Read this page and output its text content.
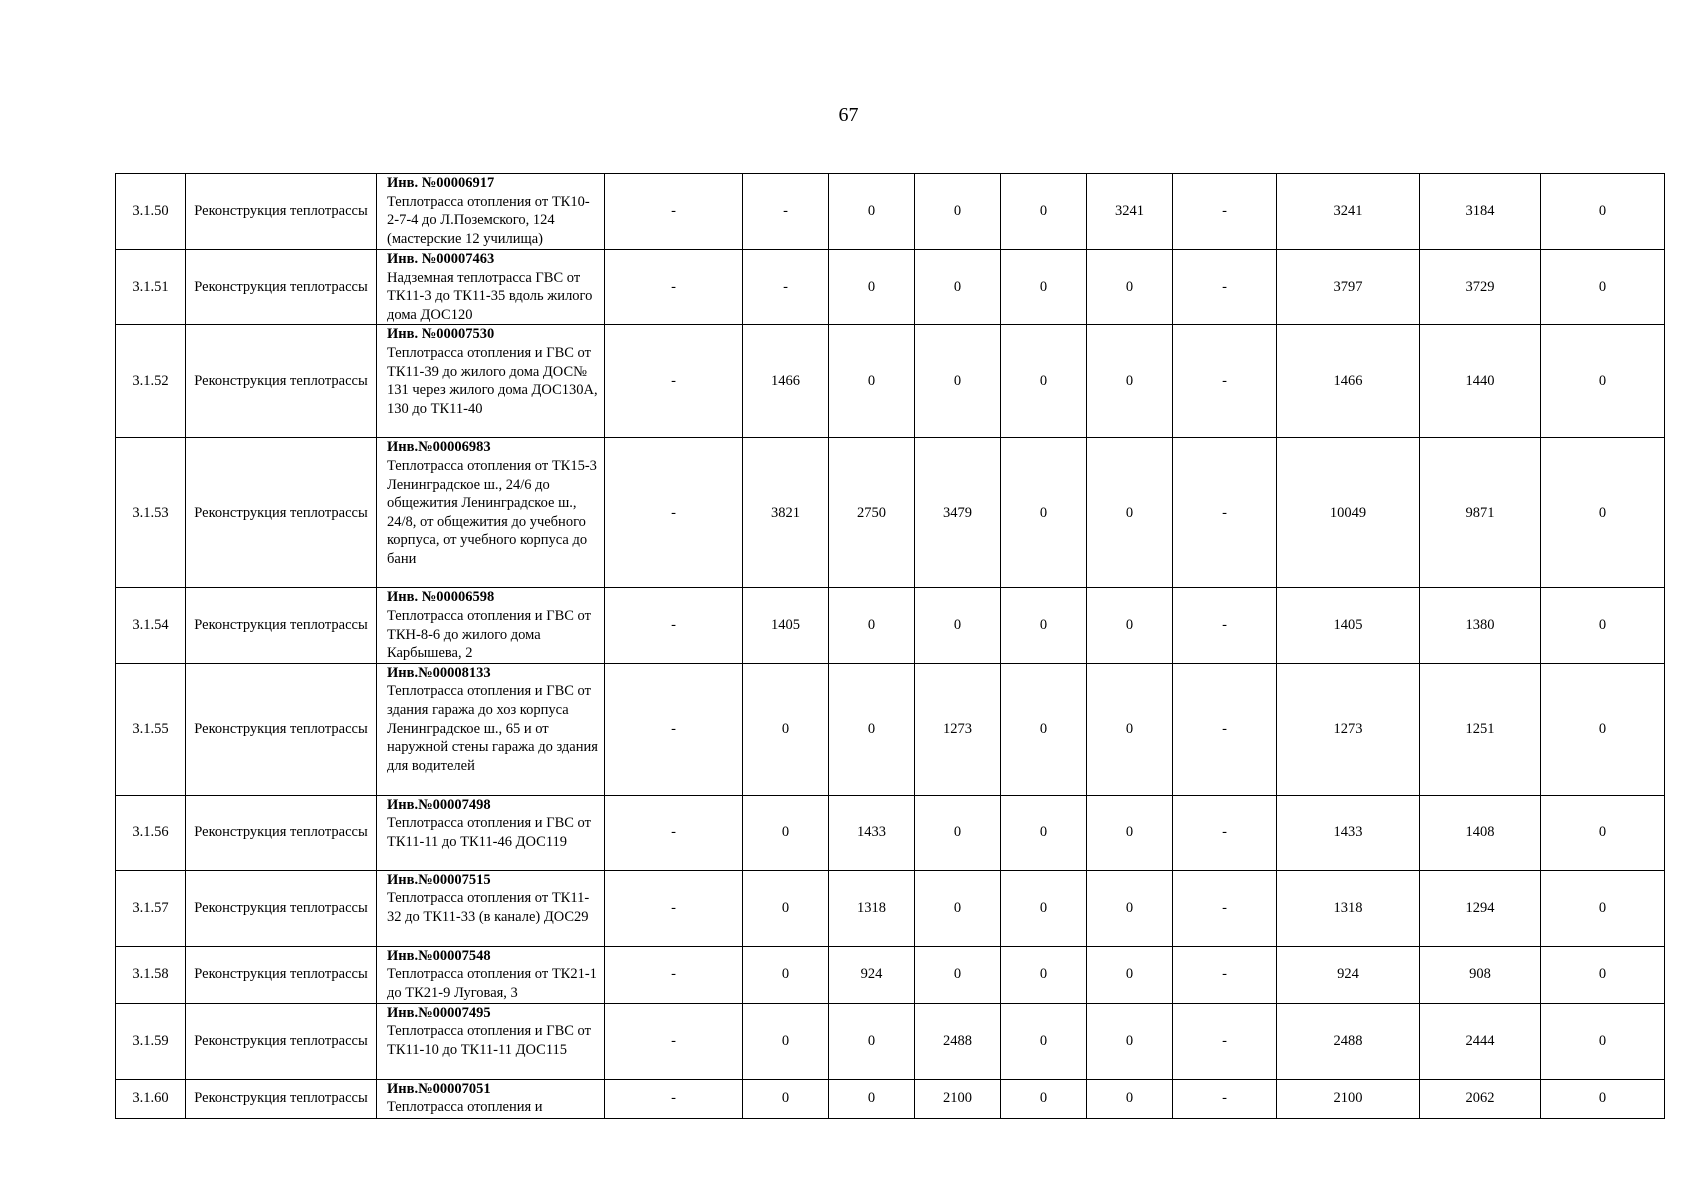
67
3.1.50	Реконструкция теплотрассы	Инв. №00006917
Теплотрасса отопления от ТК10-2-7-4 до Л.Поземского, 124 (мастерские 12 училища)	-	-	0	0	0	3241	-	3241	3184	0
3.1.51	Реконструкция теплотрассы	Инв. №00007463
Надземная теплотрасса ГВС от ТК11-3 до ТК11-35 вдоль жилого дома ДОС120	-	-	0	0	0	0	-	3797	3729	0
3.1.52	Реконструкция теплотрассы	Инв. №00007530
Теплотрасса отопления и ГВС от ТК11-39 до жилого дома ДОС№ 131 через жилого дома ДОС130А, 130 до ТК11-40	-	1466	0	0	0	0	-	1466	1440	0
3.1.53	Реконструкция теплотрассы	Инв.№00006983
Теплотрасса отопления от ТК15-3 Ленинградское ш., 24/6 до общежития Ленинградское ш., 24/8, от общежития до учебного корпуса, от учебного корпуса до бани	-	3821	2750	3479	0	0	-	10049	9871	0
3.1.54	Реконструкция теплотрассы	Инв. №00006598
Теплотрасса отопления и ГВС от ТКН-8-6 до жилого дома Карбышева, 2	-	1405	0	0	0	0	-	1405	1380	0
3.1.55	Реконструкция теплотрассы	Инв.№00008133
Теплотрасса отопления и ГВС от здания гаража до хоз корпуса Ленинградское ш., 65 и от наружной стены гаража до здания для водителей	-	0	0	1273	0	0	-	1273	1251	0
3.1.56	Реконструкция теплотрассы	Инв.№00007498
Теплотрасса отопления и ГВС от ТК11-11 до ТК11-46 ДОС119	-	0	1433	0	0	0	-	1433	1408	0
3.1.57	Реконструкция теплотрассы	Инв.№00007515
Теплотрасса отопления от ТК11-32 до ТК11-33 (в канале) ДОС29	-	0	1318	0	0	0	-	1318	1294	0
3.1.58	Реконструкция теплотрассы	Инв.№00007548
Теплотрасса отопления от ТК21-1 до ТК21-9 Луговая, 3	-	0	924	0	0	0	-	924	908	0
3.1.59	Реконструкция теплотрассы	Инв.№00007495
Теплотрасса отопления и ГВС от ТК11-10 до ТК11-11 ДОС115	-	0	0	2488	0	0	-	2488	2444	0
3.1.60	Реконструкция теплотрассы	Инв.№00007051
Теплотрасса отопления и	-	0	0	2100	0	0	-	2100	2062	0
